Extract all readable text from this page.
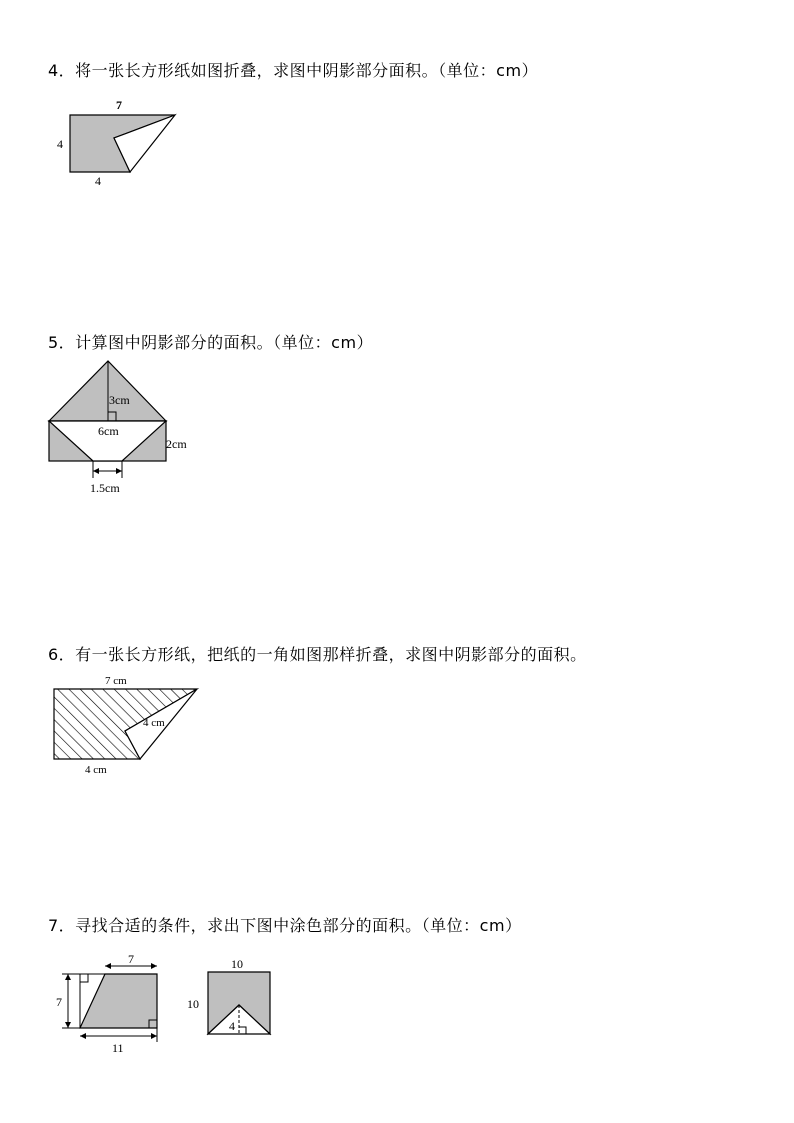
4．将一张长方形纸如图折叠，求图中阴影部分面积。（单位：cm）
7
4
4
5．计算图中阴影部分的面积。（单位：cm）
3cm
6cm
2cm
1.5cm
6．有一张长方形纸，把纸的一角如图那样折叠，求图中阴影部分的面积。
7 cm
4 cm
4 cm
7．寻找合适的条件，求出下图中涂色部分的面积。（单位：cm）
7
7
11
10
10
4
